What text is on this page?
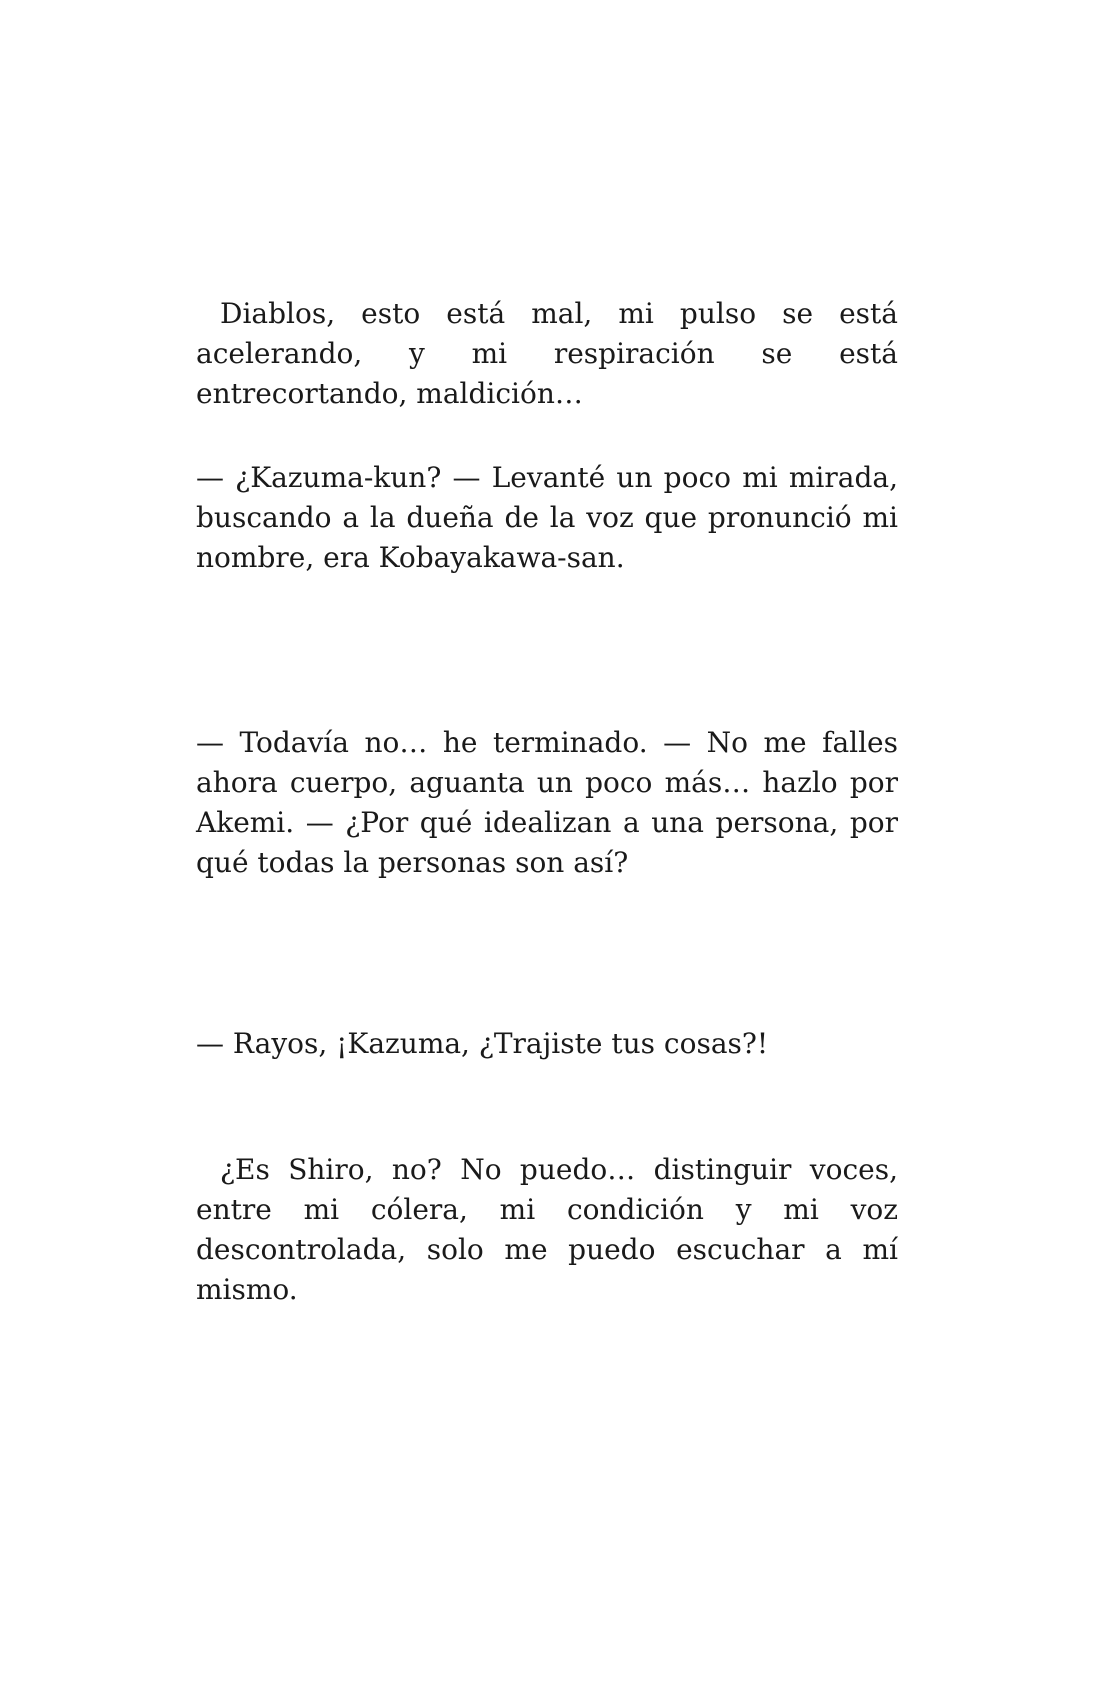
Diablos, esto está mal, mi pulso se está acelerando, y mi respiración se está entrecortando, maldición…

— ¿Kazuma-kun? — Levanté un poco mi mirada, buscando a la dueña de la voz que pronunció mi nombre, era Kobayakawa-san.

— Todavía no… he terminado. — No me falles ahora cuerpo, aguanta un poco más… hazlo por Akemi. — ¿Por qué idealizan a una persona, por qué todas la personas son así?

— Rayos, ¡Kazuma, ¿Trajiste tus cosas?!

¿Es Shiro, no? No puedo… distinguir voces, entre mi cólera, mi condición y mi voz descontrolada, solo me puedo escuchar a mí mismo.
